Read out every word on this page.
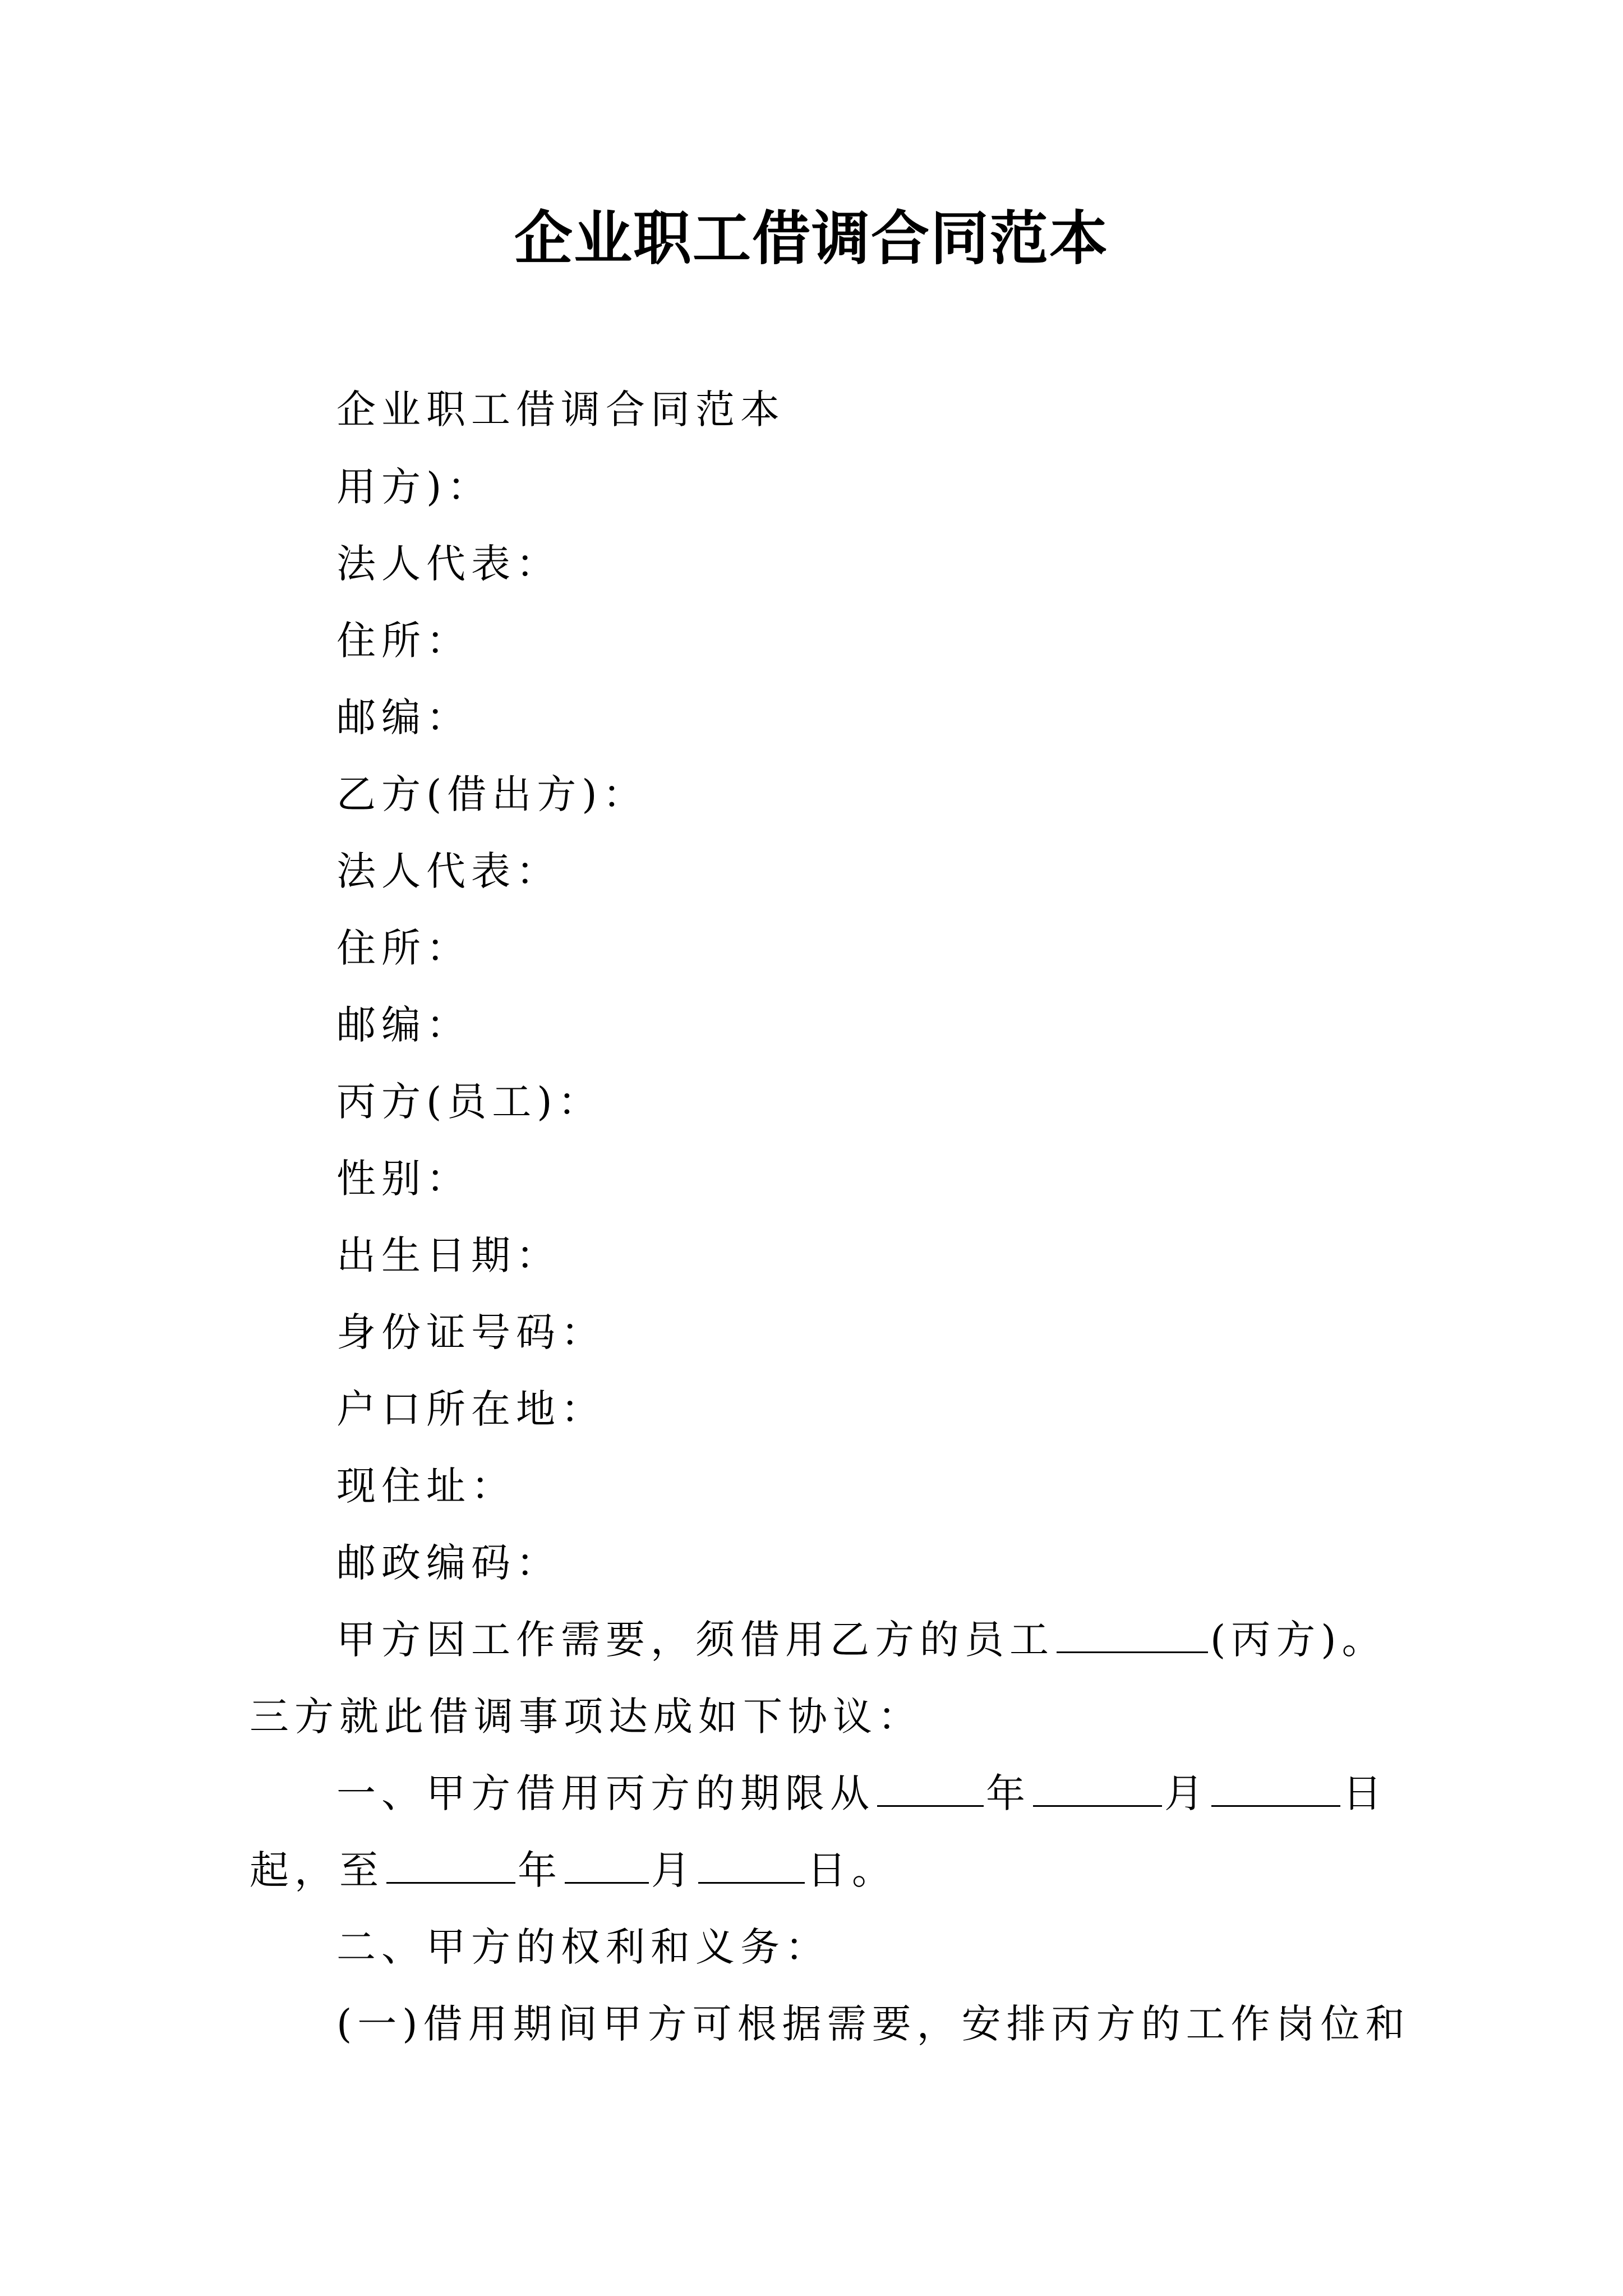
企业职工借调合同范本
企业职工借调合同范本
用方)：
法人代表：
住所：
邮编：
乙方(借出方)：
法人代表：
住所：
邮编：
丙方(员工)：
性别：
出生日期：
身份证号码：
户口所在地：
现住址：
邮政编码：
甲方因工作需要，须借用乙方的员工	(丙方)。
三方就此借调事项达成如下协议：
一、甲方借用丙方的期限从	年	月	日
起，至	年 月	日。
二、甲方的权利和义务：
(一)借用期间甲方可根据需要，安排丙方的工作岗位和
